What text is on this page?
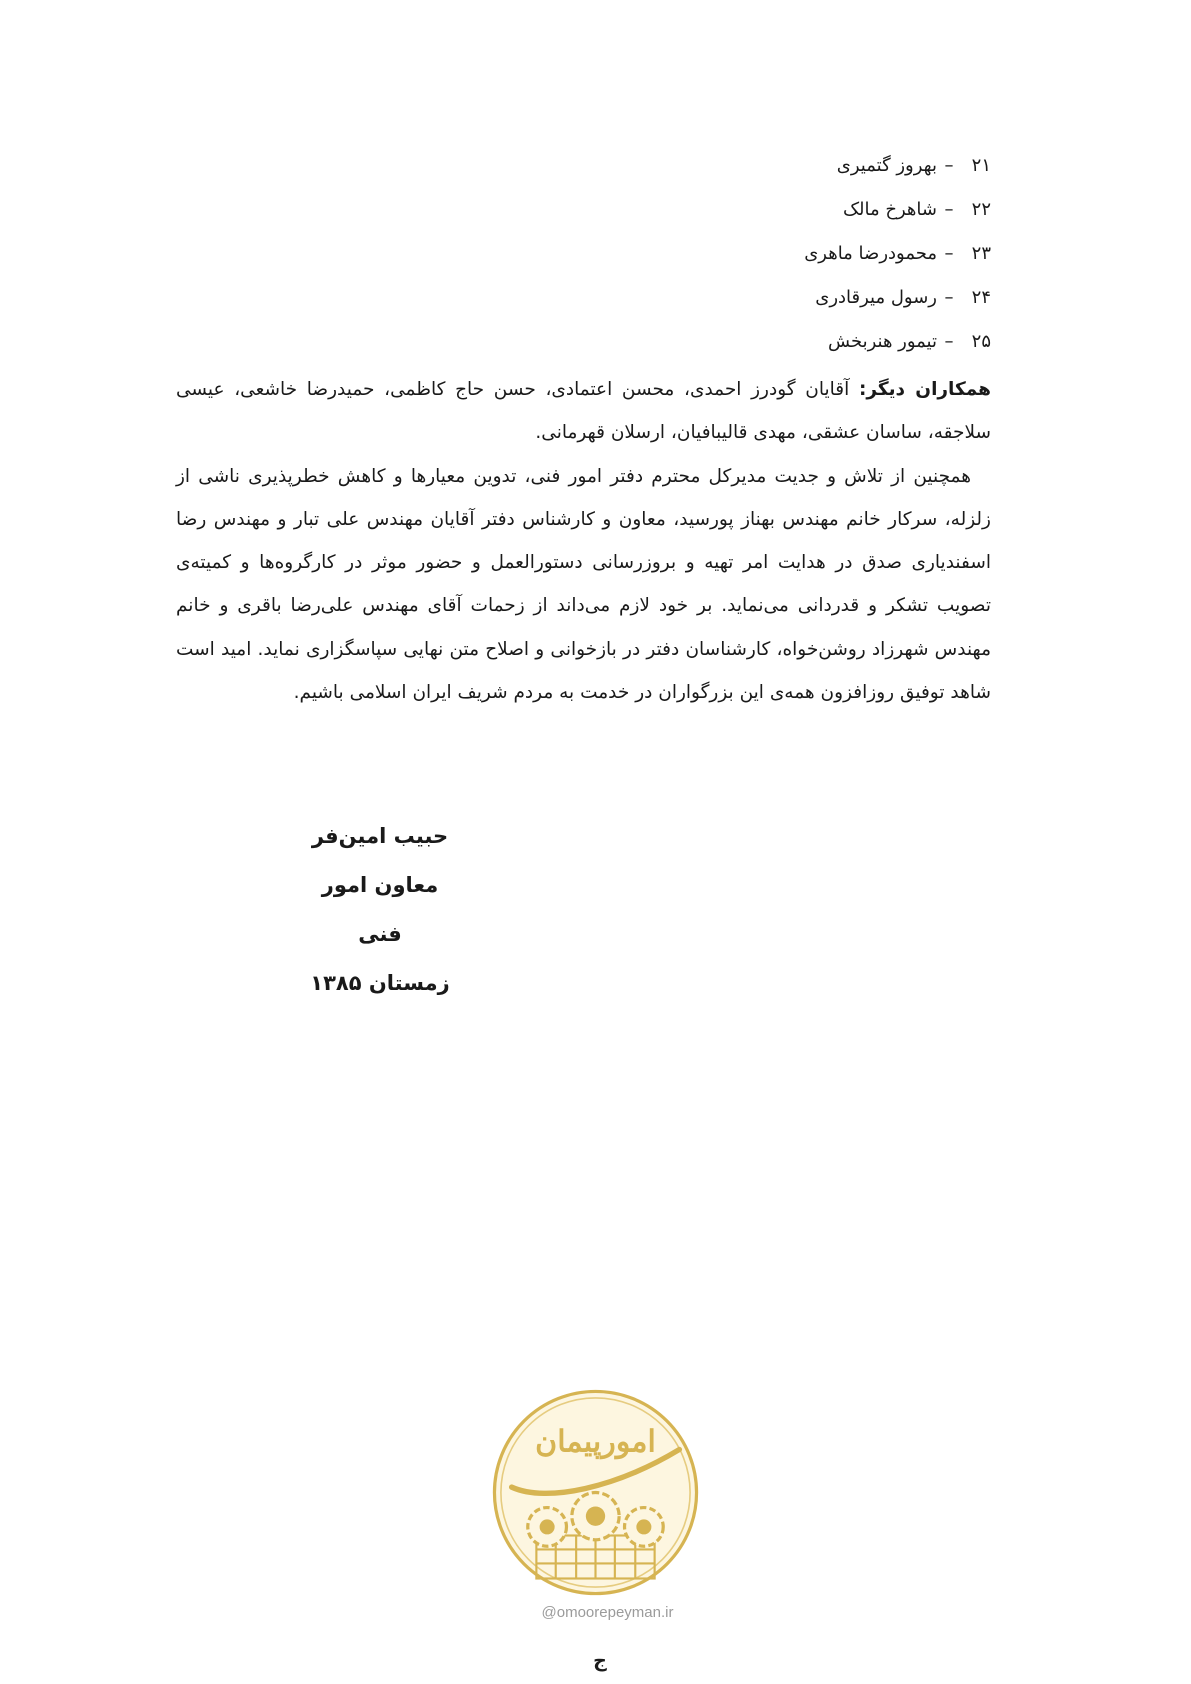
۲۱
–
بهروز گتمیری
۲۲
–
شاهرخ مالک
۲۳
–
محمودرضا ماهری
۲۴
–
رسول میرقادری
۲۵
–
تیمور هنربخش

همکاران دیگر: آقایان گودرز احمدی، محسن اعتمادی، حسن حاج کاظمی، حمیدرضا خاشعی، عیسی سلاجقه، ساسان عشقی، مهدی قالیبافیان، ارسلان قهرمانی.

همچنین از تلاش و جدیت مدیرکل محترم دفتر امور فنی، تدوین معیارها و کاهش خطرپذیری ناشی از زلزله، سرکار خانم مهندس بهناز پورسید، معاون و کارشناس دفتر آقایان مهندس علی تبار و مهندس رضا اسفندیاری صدق در هدایت امر تهیه و بروزرسانی دستورالعمل و حضور موثر در کارگروه‌ها و کمیته‌ی تصویب تشکر و قدردانی می‌نماید. بر خود لازم می‌داند از زحمات آقای مهندس علی‌رضا باقری و خانم مهندس شهرزاد روشن‌خواه، کارشناسان دفتر در بازخوانی و اصلاح متن نهایی سپاسگزاری نماید. امید است شاهد توفیق روزافزون همه‌ی این بزرگواران در خدمت به مردم شریف ایران اسلامی باشیم.

حبیب امین‌فر
معاون امور فنی
زمستان ۱۳۸۵
امورپیمان
@omoorepeyman.ir
ج
